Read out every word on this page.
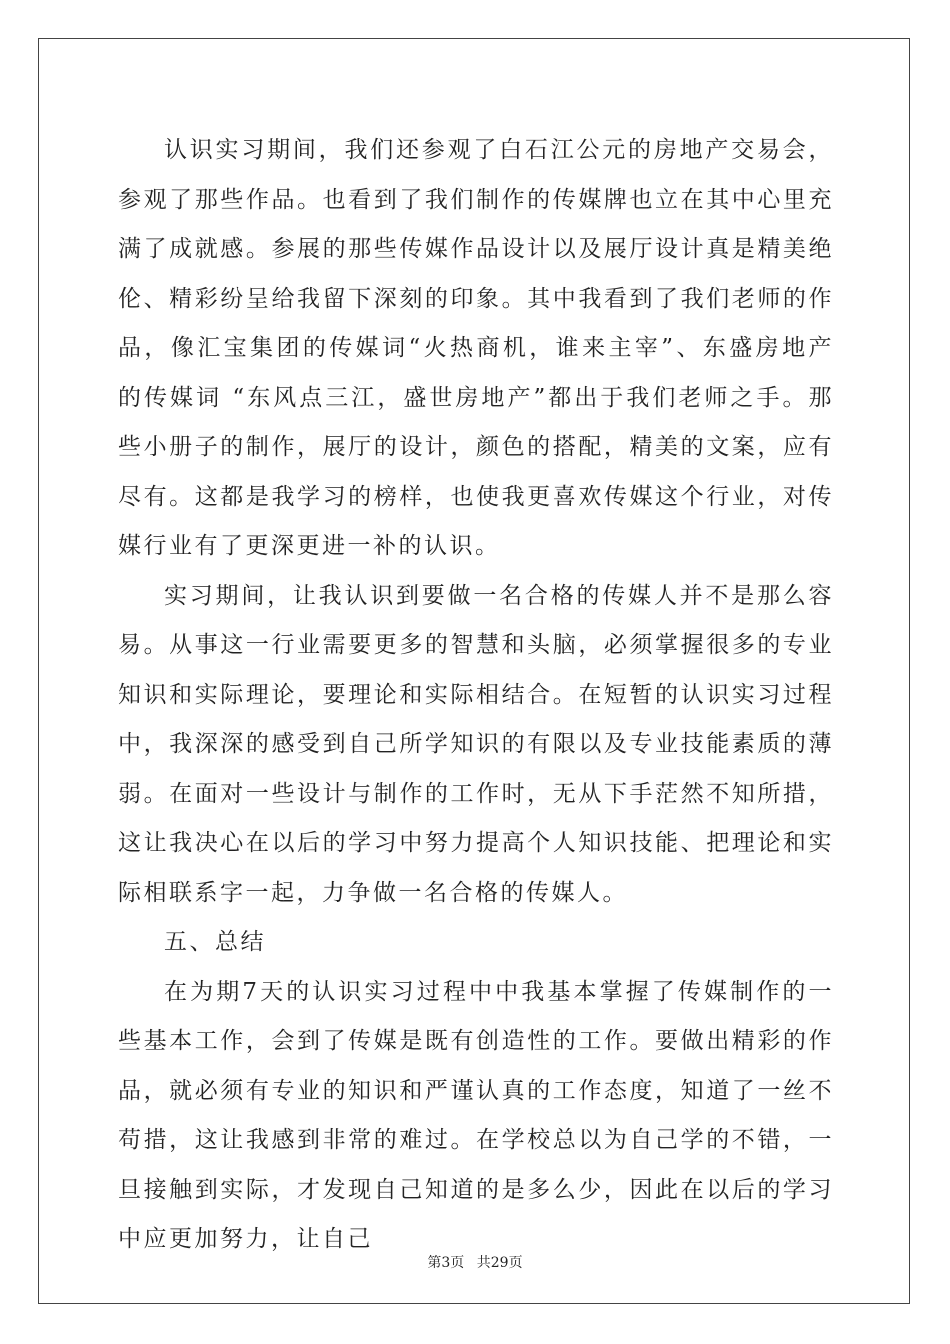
认识实习期间，我们还参观了白石江公元的房地产交易会，参观了那些作品。也看到了我们制作的传媒牌也立在其中心里充满了成就感。参展的那些传媒作品设计以及展厅设计真是精美绝伦、精彩纷呈给我留下深刻的印象。其中我看到了我们老师的作品，像汇宝集团的传媒词“火热商机，谁来主宰”、东盛房地产的传媒词 “东风点三江，盛世房地产”都出于我们老师之手。那些小册子的制作，展厅的设计，颜色的搭配，精美的文案，应有尽有。这都是我学习的榜样，也使我更喜欢传媒这个行业，对传媒行业有了更深更进一补的认识。

实习期间，让我认识到要做一名合格的传媒人并不是那么容易。从事这一行业需要更多的智慧和头脑，必须掌握很多的专业知识和实际理论，要理论和实际相结合。在短暂的认识实习过程中，我深深的感受到自己所学知识的有限以及专业技能素质的薄弱。在面对一些设计与制作的工作时，无从下手茫然不知所措，这让我决心在以后的学习中努力提高个人知识技能、把理论和实际相联系字一起，力争做一名合格的传媒人。

五、总结

在为期7天的认识实习过程中中我基本掌握了传媒制作的一些基本工作，会到了传媒是既有创造性的工作。要做出精彩的作品，就必须有专业的知识和严谨认真的工作态度，知道了一丝不苟措，这让我感到非常的难过。在学校总以为自己学的不错，一旦接触到实际，才发现自己知道的是多么少，因此在以后的学习中应更加努力，让自己

第3页 共29页
